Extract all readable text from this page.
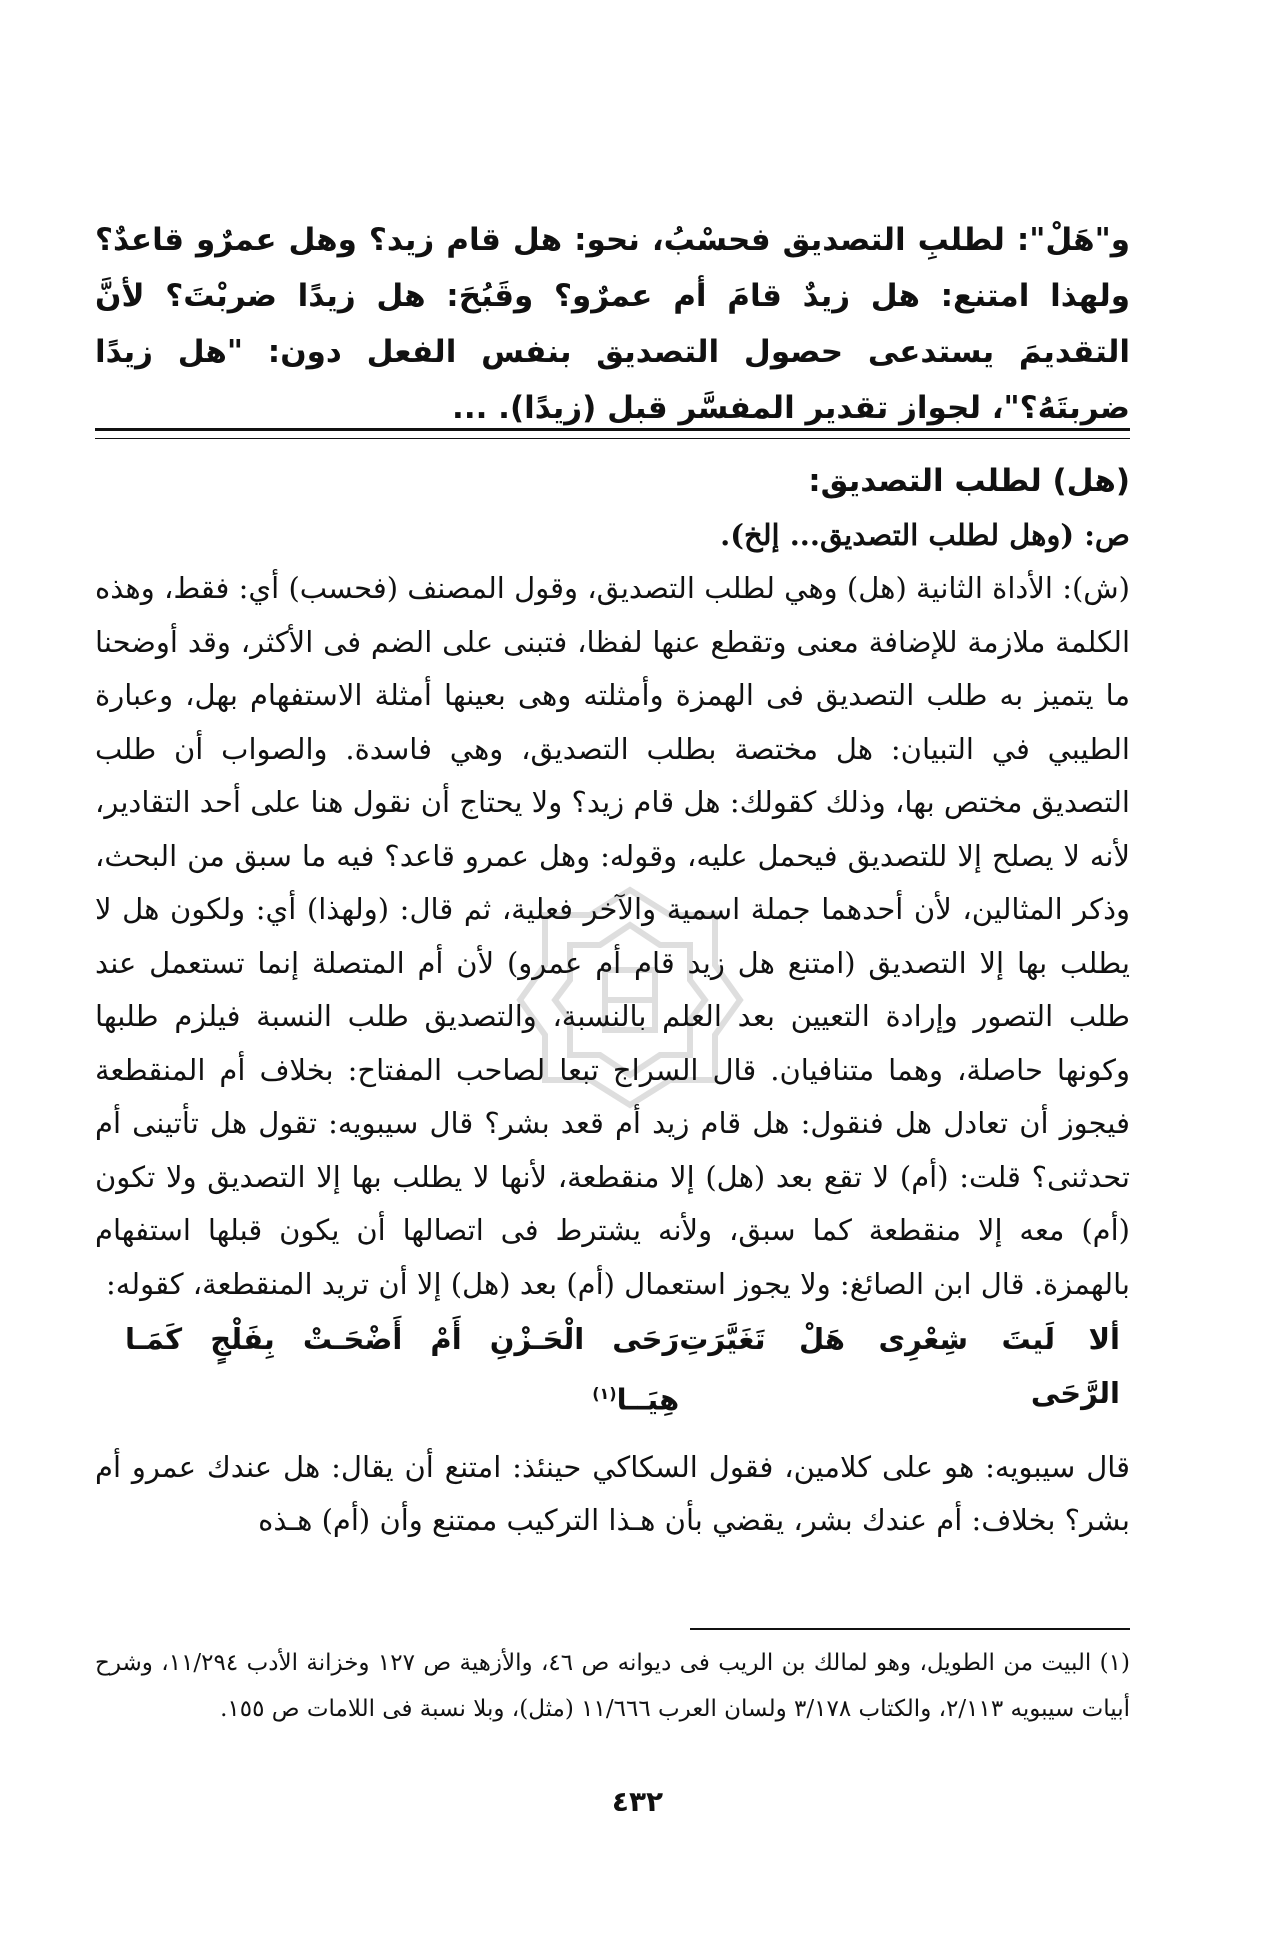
و"هَلْ": لطلبِ التصديق فحسْبُ، نحو: هل قام زيد؟ وهل عمرٌو قاعدٌ؟ ولهذا امتنع: هل زيدٌ قامَ أم عمرٌو؟ وقَبُحَ: هل زيدًا ضربْتَ؟ لأنَّ التقديمَ يستدعى حصول التصديق بنفس الفعل دون: "هل زيدًا ضربتَهُ؟"، لجواز تقدير المفسَّر قبل (زيدًا). ...

(هل) لطلب التصديق:

ص: (وهل لطلب التصديق... إلخ).

(ش): الأداة الثانية (هل) وهي لطلب التصديق، وقول المصنف (فحسب) أي: فقط، وهذه الكلمة ملازمة للإضافة معنى وتقطع عنها لفظا، فتبنى على الضم فى الأكثر، وقد أوضحنا ما يتميز به طلب التصديق فى الهمزة وأمثلته وهى بعينها أمثلة الاستفهام بهل، وعبارة الطيبي في التبيان: هل مختصة بطلب التصديق، وهي فاسدة. والصواب أن طلب التصديق مختص بها، وذلك كقولك: هل قام زيد؟ ولا يحتاج أن نقول هنا على أحد التقادير، لأنه لا يصلح إلا للتصديق فيحمل عليه، وقوله: وهل عمرو قاعد؟ فيه ما سبق من البحث، وذكر المثالين، لأن أحدهما جملة اسمية والآخر فعلية، ثم قال: (ولهذا) أي: ولكون هل لا يطلب بها إلا التصديق (امتنع هل زيد قام أم عمرو) لأن أم المتصلة إنما تستعمل عند طلب التصور وإرادة التعيين بعد العلم بالنسبة، والتصديق طلب النسبة فيلزم طلبها وكونها حاصلة، وهما متنافيان. قال السراج تبعا لصاحب المفتاح: بخلاف أم المنقطعة فيجوز أن تعادل هل فنقول: هل قام زيد أم قعد بشر؟ قال سيبويه: تقول هل تأتينى أم تحدثنى؟ قلت: (أم) لا تقع بعد (هل) إلا منقطعة، لأنها لا يطلب بها إلا التصديق ولا تكون (أم) معه إلا منقطعة كما سبق، ولأنه يشترط فى اتصالها أن يكون قبلها استفهام بالهمزة. قال ابن الصائغ: ولا يجوز استعمال (أم) بعد (هل) إلا أن تريد المنقطعة، كقوله:

ألا لَيتَ شِعْرِى هَلْ تَغَيَّرَتِ الرَّحَى
رَحَى الْحَـزْنِ أَمْ أَضْحَـتْ بِفَلْجٍ كَمَـا هِيَــا$^{(١)}$

قال سيبويه: هو على كلامين، فقول السكاكي حينئذ: امتنع أن يقال: هل عندك عمرو أم بشر؟ بخلاف: أم عندك بشر، يقضي بأن هـذا التركيب ممتنع وأن (أم) هـذه

(١) البيت من الطويل، وهو لمالك بن الريب فى ديوانه ص ٤٦، والأزهية ص ١٢٧ وخزانة الأدب ١١/٢٩٤، وشرح أبيات سيبويه ٢/١١٣، والكتاب ٣/١٧٨ ولسان العرب ١١/٦٦٦ (مثل)، وبلا نسبة فى اللامات ص ١٥٥.

٤٣٢
